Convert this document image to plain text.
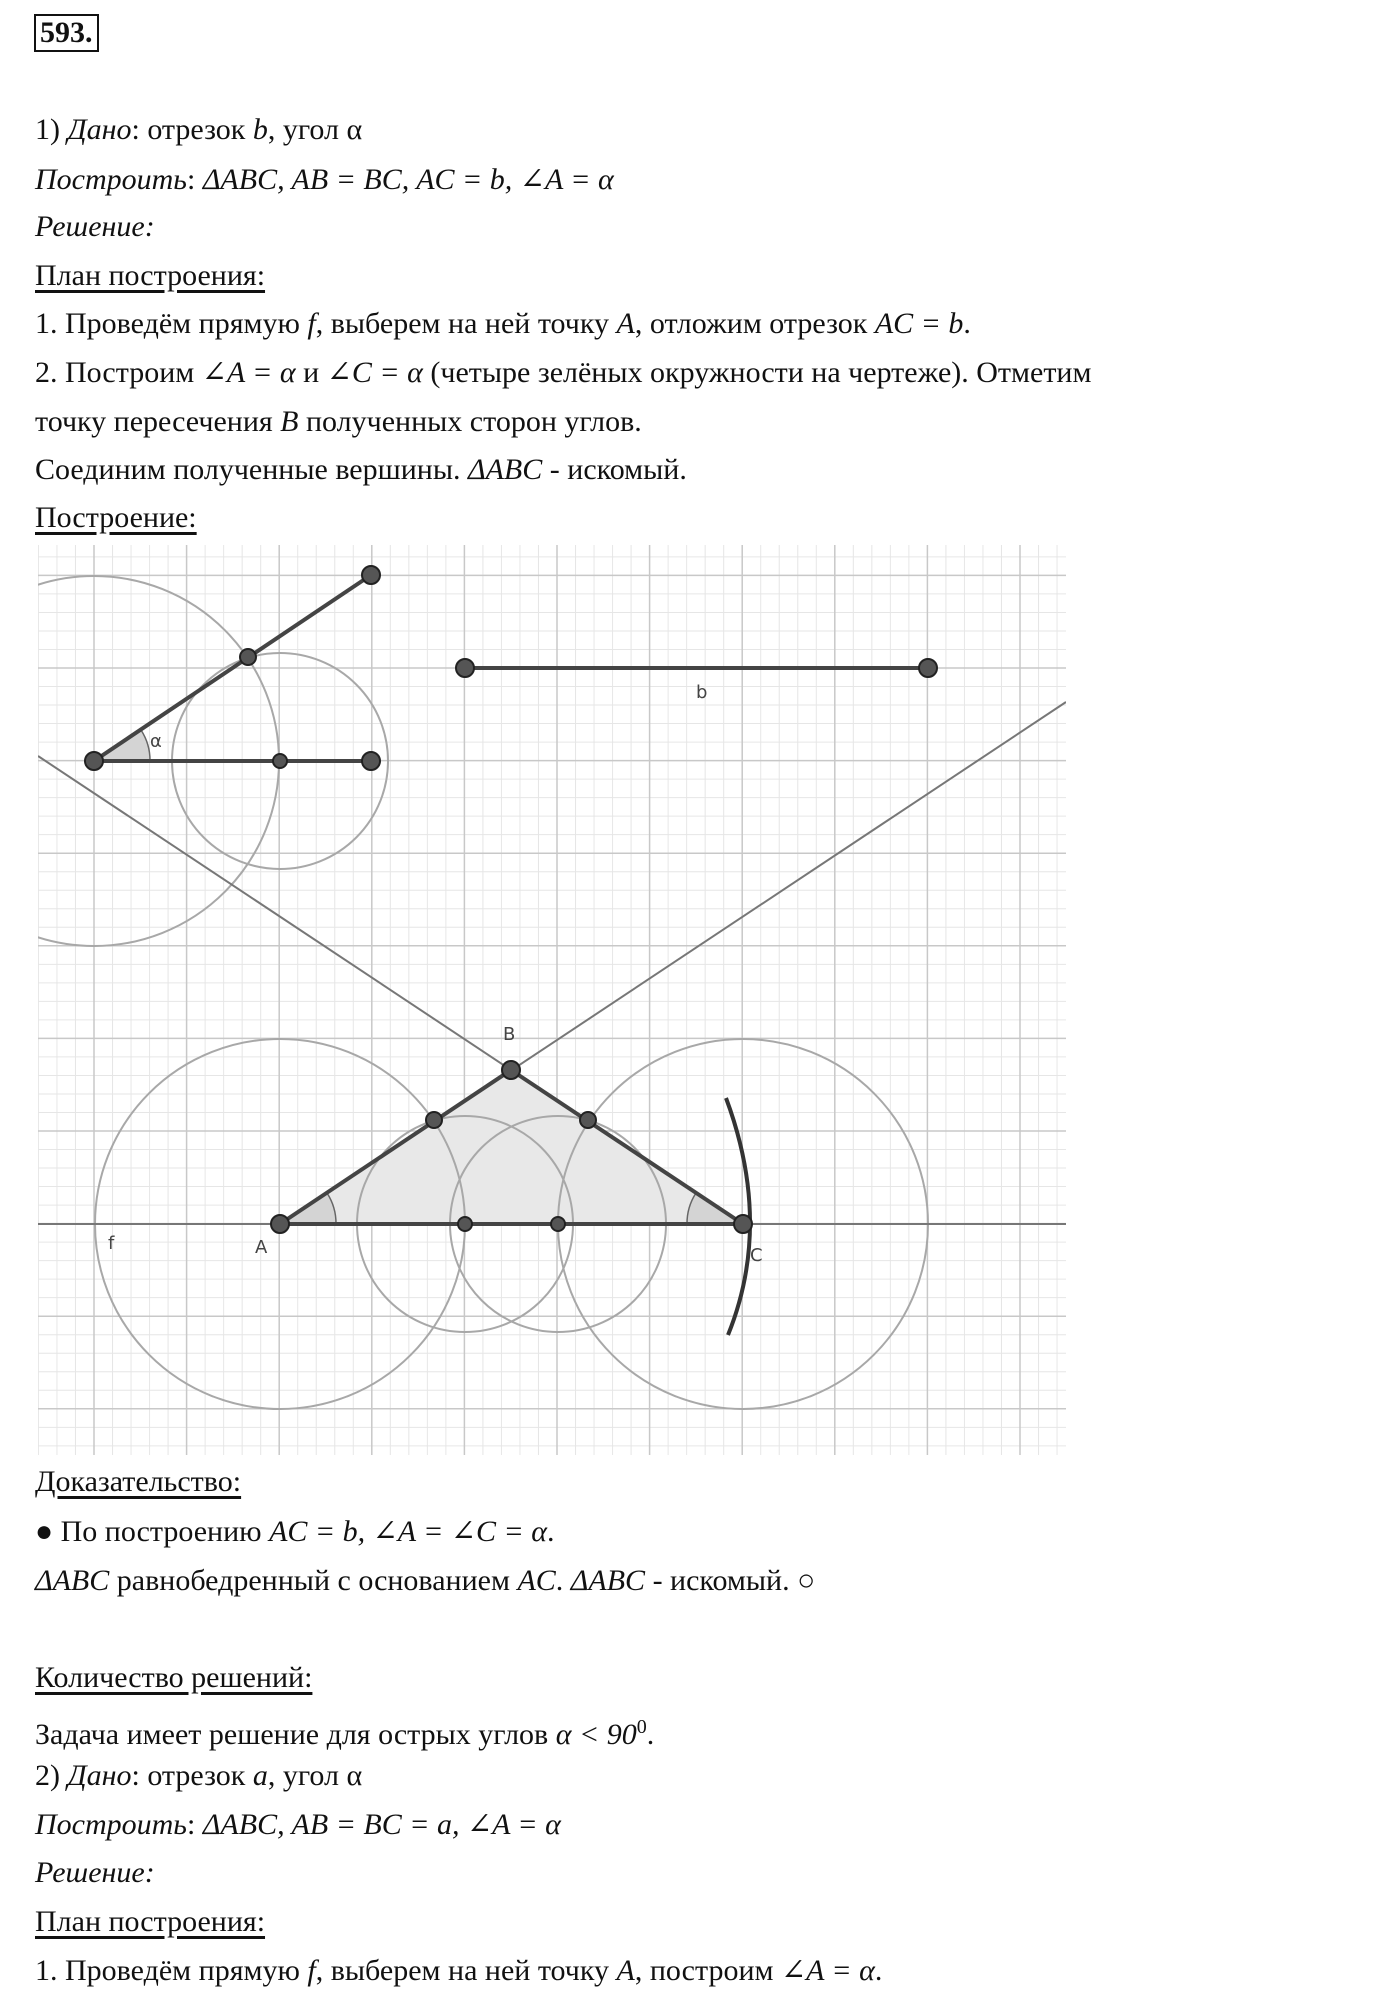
593.
1) Дано: отрезок b, угол α
Построить: ΔABC, AB = BC, AC = b, ∠A = α
Решение:
План построения:
1. Проведём прямую f, выберем на ней точку A, отложим отрезок AC = b.
2. Построим ∠A = α и ∠C = α (четыре зелёных окружности на чертеже). Отметим
точку пересечения B полученных сторон углов.
Соединим полученные вершины. ΔABC - искомый.
Построение:
α
b
B
f	A	C
Доказательство:
● По построению AC = b, ∠A = ∠C = α.
ΔABC равнобедренный с основанием AC. ΔABC - искомый. ○
Количество решений:
Задача имеет решение для острых углов $\alpha < 90^0$.
2) Дано: отрезок a, угол α
Построить: ΔABC, AB = BC = a, ∠A = α
Решение:
План построения:
1. Проведём прямую f, выберем на ней точку A, построим ∠A = α.
